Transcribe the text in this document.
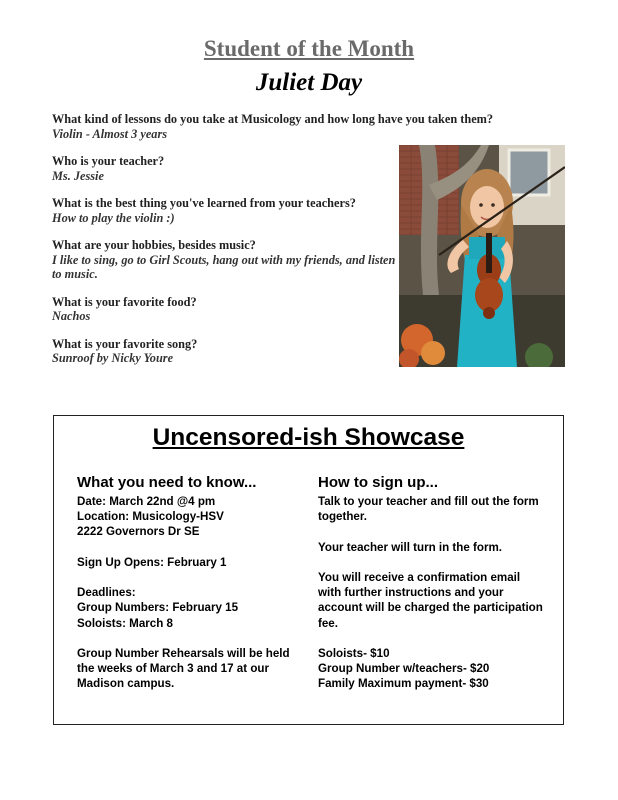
Student of the Month
Juliet Day
What kind of lessons do you take at Musicology and how long have you taken them?
Violin - Almost 3 years
Who is your teacher?
Ms. Jessie
What is the best thing you've learned from your teachers?
How to play the violin :)
What are your hobbies, besides music?
I like to sing, go to Girl Scouts, hang out with my friends, and listen to music.
What is your favorite food?
Nachos
What is your favorite song?
Sunroof by Nicky Youre
Uncensored-ish Showcase
What you need to know...

Date: March 22nd @4 pm

Location: Musicology-HSV

2222 Governors Dr SE

Sign Up Opens: February 1

Deadlines:

Group Numbers: February 15

Soloists: March 8

Group Number Rehearsals will be held the weeks of March 3 and 17 at our Madison campus.

How to sign up...

Talk to your teacher and fill out the form together.

Your teacher will turn in the form.

You will receive a confirmation email with further instructions and your account will be charged the participation fee.

Soloists- $10

Group Number w/teachers- $20

Family Maximum payment- $30
